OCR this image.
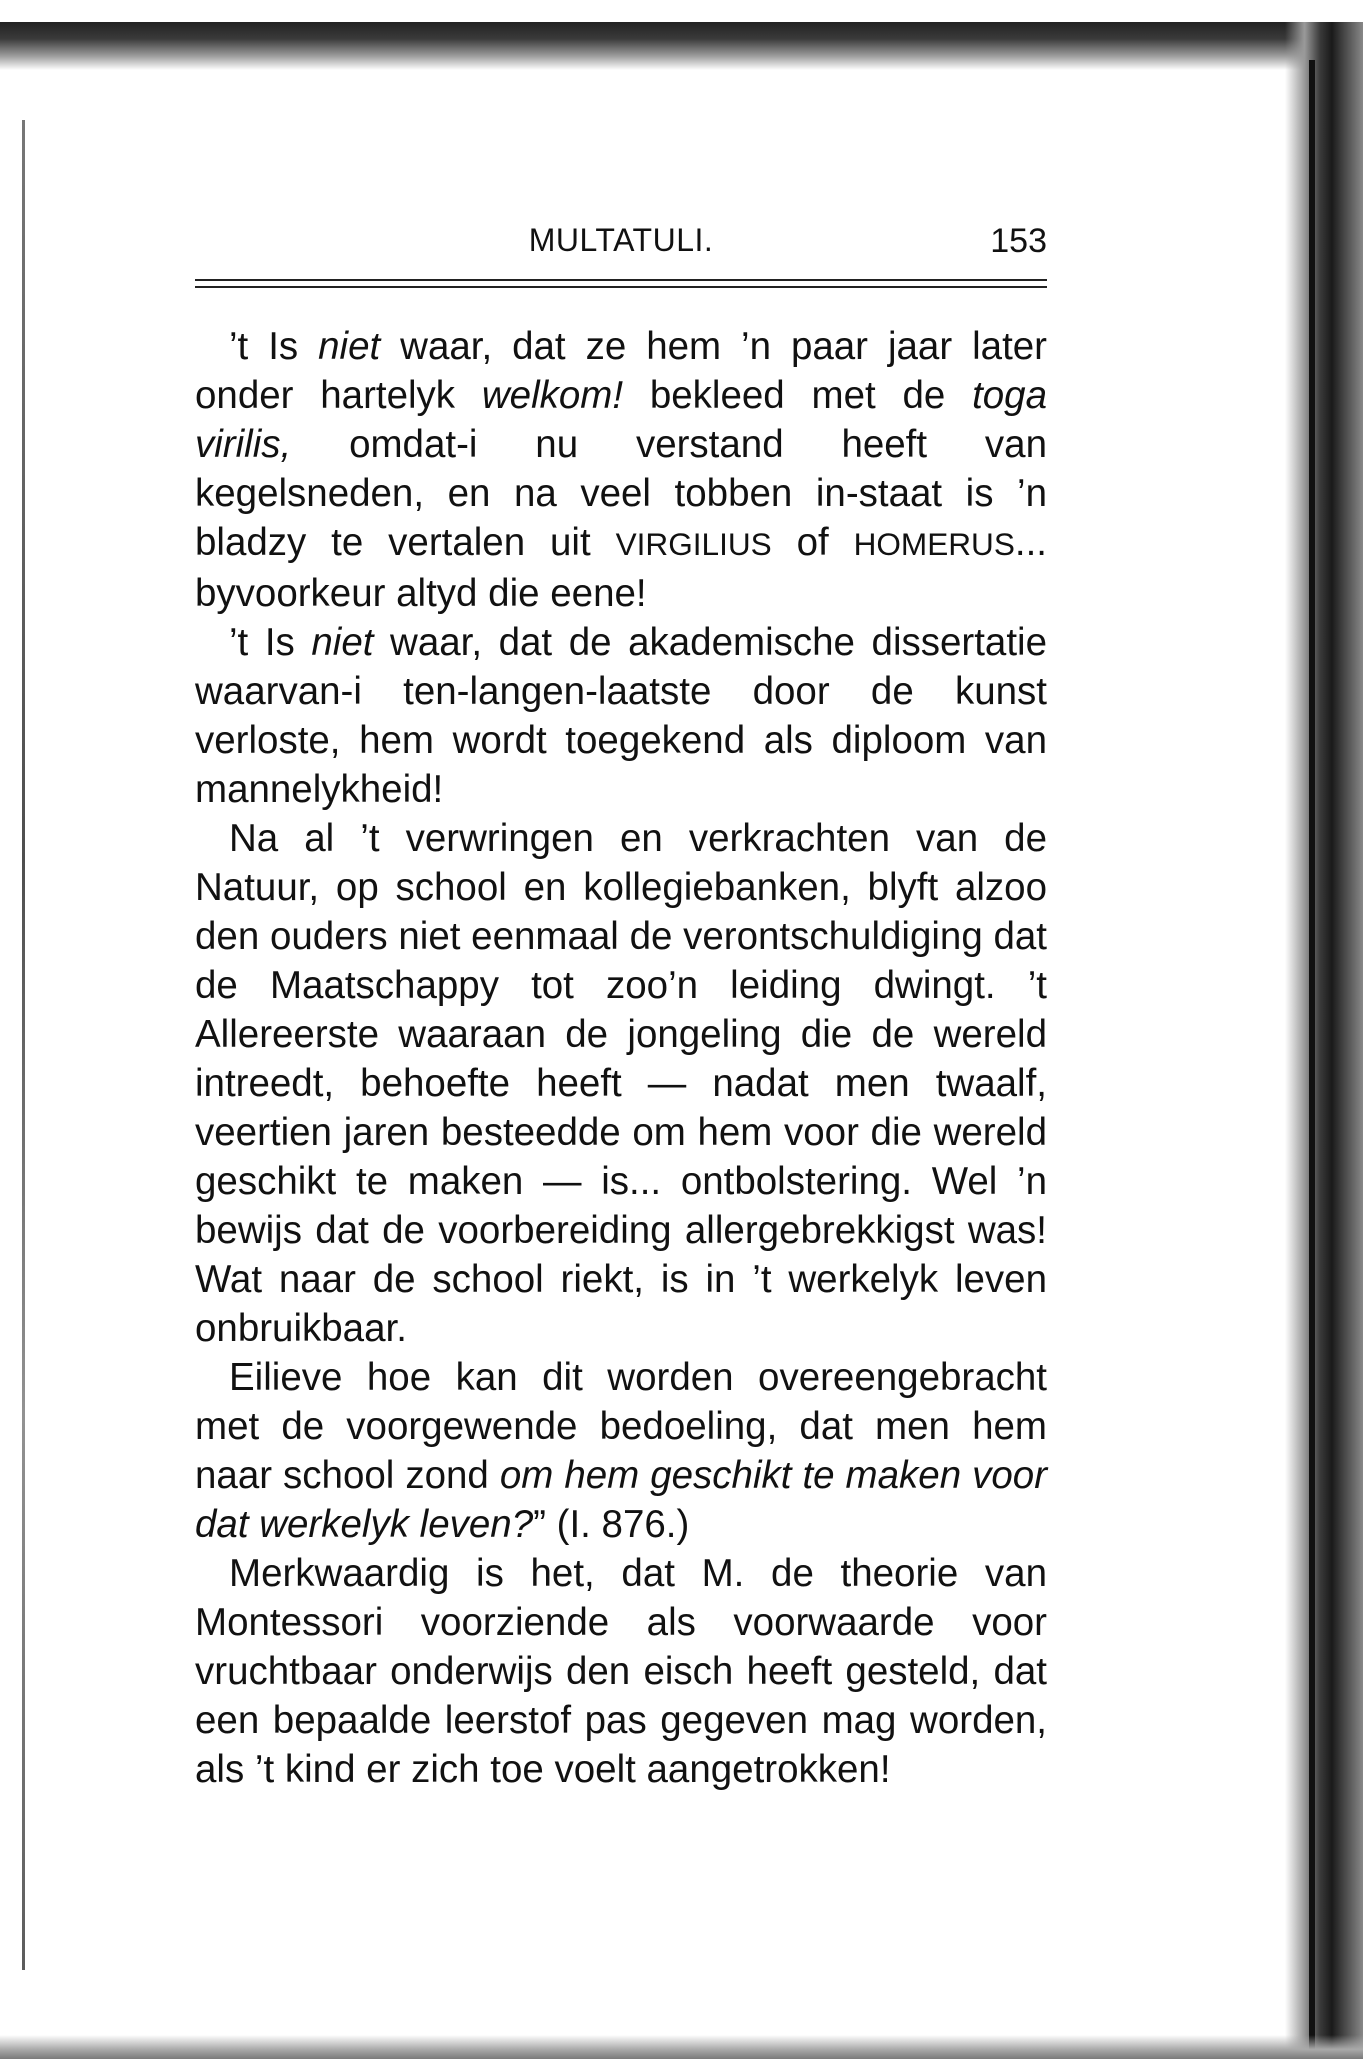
MULTATULI.	153

’t Is niet waar, dat ze hem ’n paar jaar later onder hartelyk welkom! bekleed met de toga virilis, omdat-i nu verstand heeft van kegelsneden, en na veel tobben in-staat is ’n bladzy te vertalen uit VIRGILIUS of HOMERUS... byvoorkeur altyd die eene!

’t Is niet waar, dat de akademische dissertatie waarvan-i ten-langen-laatste door de kunst verloste, hem wordt toegekend als diploom van mannelykheid!

Na al ’t verwringen en verkrachten van de Natuur, op school en kollegiebanken, blyft alzoo den ouders niet eenmaal de verontschuldiging dat de Maatschappy tot zoo’n leiding dwingt. ’t Allereerste waaraan de jongeling die de wereld intreedt, behoefte heeft — nadat men twaalf, veertien jaren besteedde om hem voor die wereld geschikt te maken — is... ontbolstering. Wel ’n bewijs dat de voorbereiding allergebrekkigst was! Wat naar de school riekt, is in ’t werkelyk leven onbruikbaar.

Eilieve hoe kan dit worden overeengebracht met de voorgewende bedoeling, dat men hem naar school zond om hem geschikt te maken voor dat werkelyk leven?” (I. 876.)

Merkwaardig is het, dat M. de theorie van Montessori voorziende als voorwaarde voor vruchtbaar onderwijs den eisch heeft gesteld, dat een bepaalde leerstof pas gegeven mag worden, als ’t kind er zich toe voelt aangetrokken!
